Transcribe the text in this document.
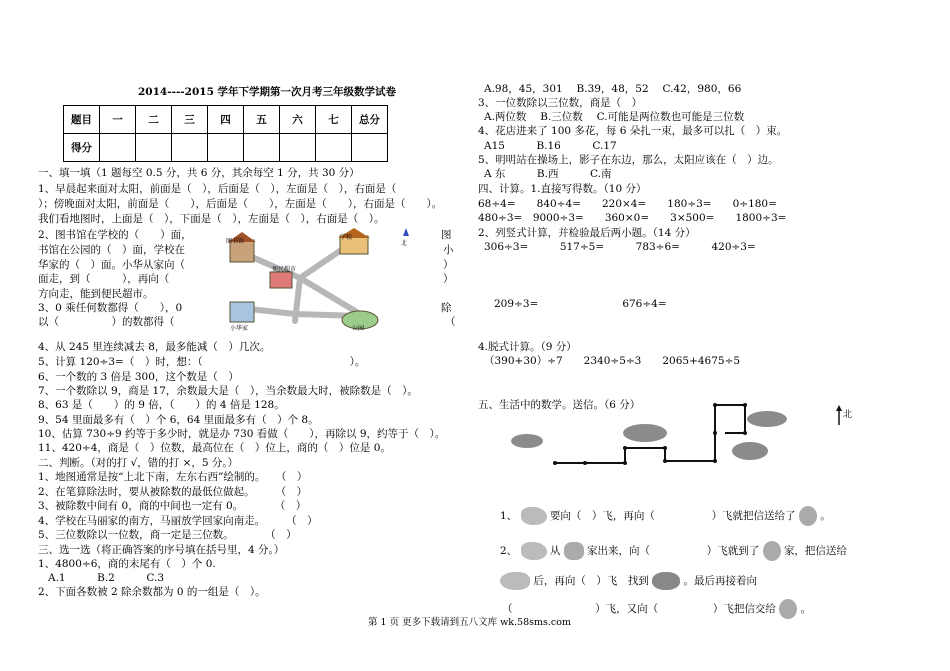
2014----2015 学年下学期第一次月考三年级数学试卷
题目	一	二	三	四	五	六	七	总分
得分								
一、填一填（1 题每空 0.5 分，共 6 分，其余每空 1 分，共 30 分）
1、早晨起来面对太阳，前面是（　），后面是（　），左面是（　），右面是（
）；傍晚面对太阳，前面是（　　），后面是（　　），左面是（　　），右面是（　　）。
我们看地图时，上面是（　），下面是（　），左面是（　），右面是（　）。
2、图书馆在学校的（　　）面，
书馆在公园的（　）面，学校在
华家的（　）面。小华从家向（
面走，到（　　　），再向（
方向走，能到便民超市。
3、0 乘任何数都得（　　），0
以（　　　　　）的数都得（
图
小
）
）
除
（
图书馆
学校
便民超市
小华家	公园
北
4、从 245 里连续减去 8，最多能减（　）几次。
5、计算 120÷3=（　）时，想：（　　　　　　　　　　　　　　）。
6、一个数的 3 倍是 300，这个数是（　）
7、一个数除以 9，商是 17，余数最大是（　），当余数最大时，被除数是（　）。
8、63 是（　　）的 9 倍，（　　）的 4 倍是 128。
9、54 里面最多有（　）个 6，64 里面最多有（　）个 8。
10、估算 730÷9 约等于多少时，就是办 730 看做（　　），再除以 9，约等于（　）。
11、420÷4，商是（　）位数，最高位在（　）位上，商的（　）位是 0。
二、判断。（对的打 √，错的打 ×，5 分。）
1、地图通常是按“上北下南，左东右西”绘制的。　　（　）
2、在笔算除法时，要从被除数的最低位做起。　　　（　）
3、被除数中间有 0，商的中间也一定有 0。　　　　（　）
4、学校在马丽家的南方，马丽放学回家向南走。　　　（　）
5、三位数除以一位数，商一定是三位数。　　　　（　）
三、选一选（将正确答案的序号填在括号里，4 分。）
1、4800÷6，商的末尾有（　）个 0.
A.1　　　B.2　　　C.3
2、下面各数被 2 除余数都为 0 的一组是（　）。
A.98，45，301　 B.39，48，52　 C.42，980，66
3、一位数除以三位数，商是（　）
A.两位数　 B.三位数　 C.可能是两位数也可能是三位数
4、花店进来了 100 多花，每 6 朵扎一束，最多可以扎（　）束。
A15　　　B.16　　　C.17
5、明明站在操场上，影子在东边，那么，太阳应该在（　）边。
A 东　　　B.西　　　C.南
四、计算。1.直接写得数。（10 分）
68÷4=　　840÷4=　　220×4=　　180÷3=　　0÷180=
480÷3=　9000÷3=　　360×0=　　3×500=　　1800÷3=
2、列竖式计算，并检验最后两小题。（14 分）
306÷3=　　　517÷5=　　　783÷6=　　　420÷3=
209÷3=　　　　　　　　676÷4=
4.脱式计算。（9 分）
（390+30）÷7　　2340÷5÷3　　2065+4675÷5
五、生活中的数学。送信。（6 分）
北
1、	要向（　）飞，再向（	）飞就把信送给了 。
2、	从	家出来，向（	）飞就到了 家，把信送给
后，再向（　）飞　找到	。最后再接着向
（	）飞，又向（	）飞把信交给 。
第 1 页 更多下载请到五八文库 wk.58sms.com
